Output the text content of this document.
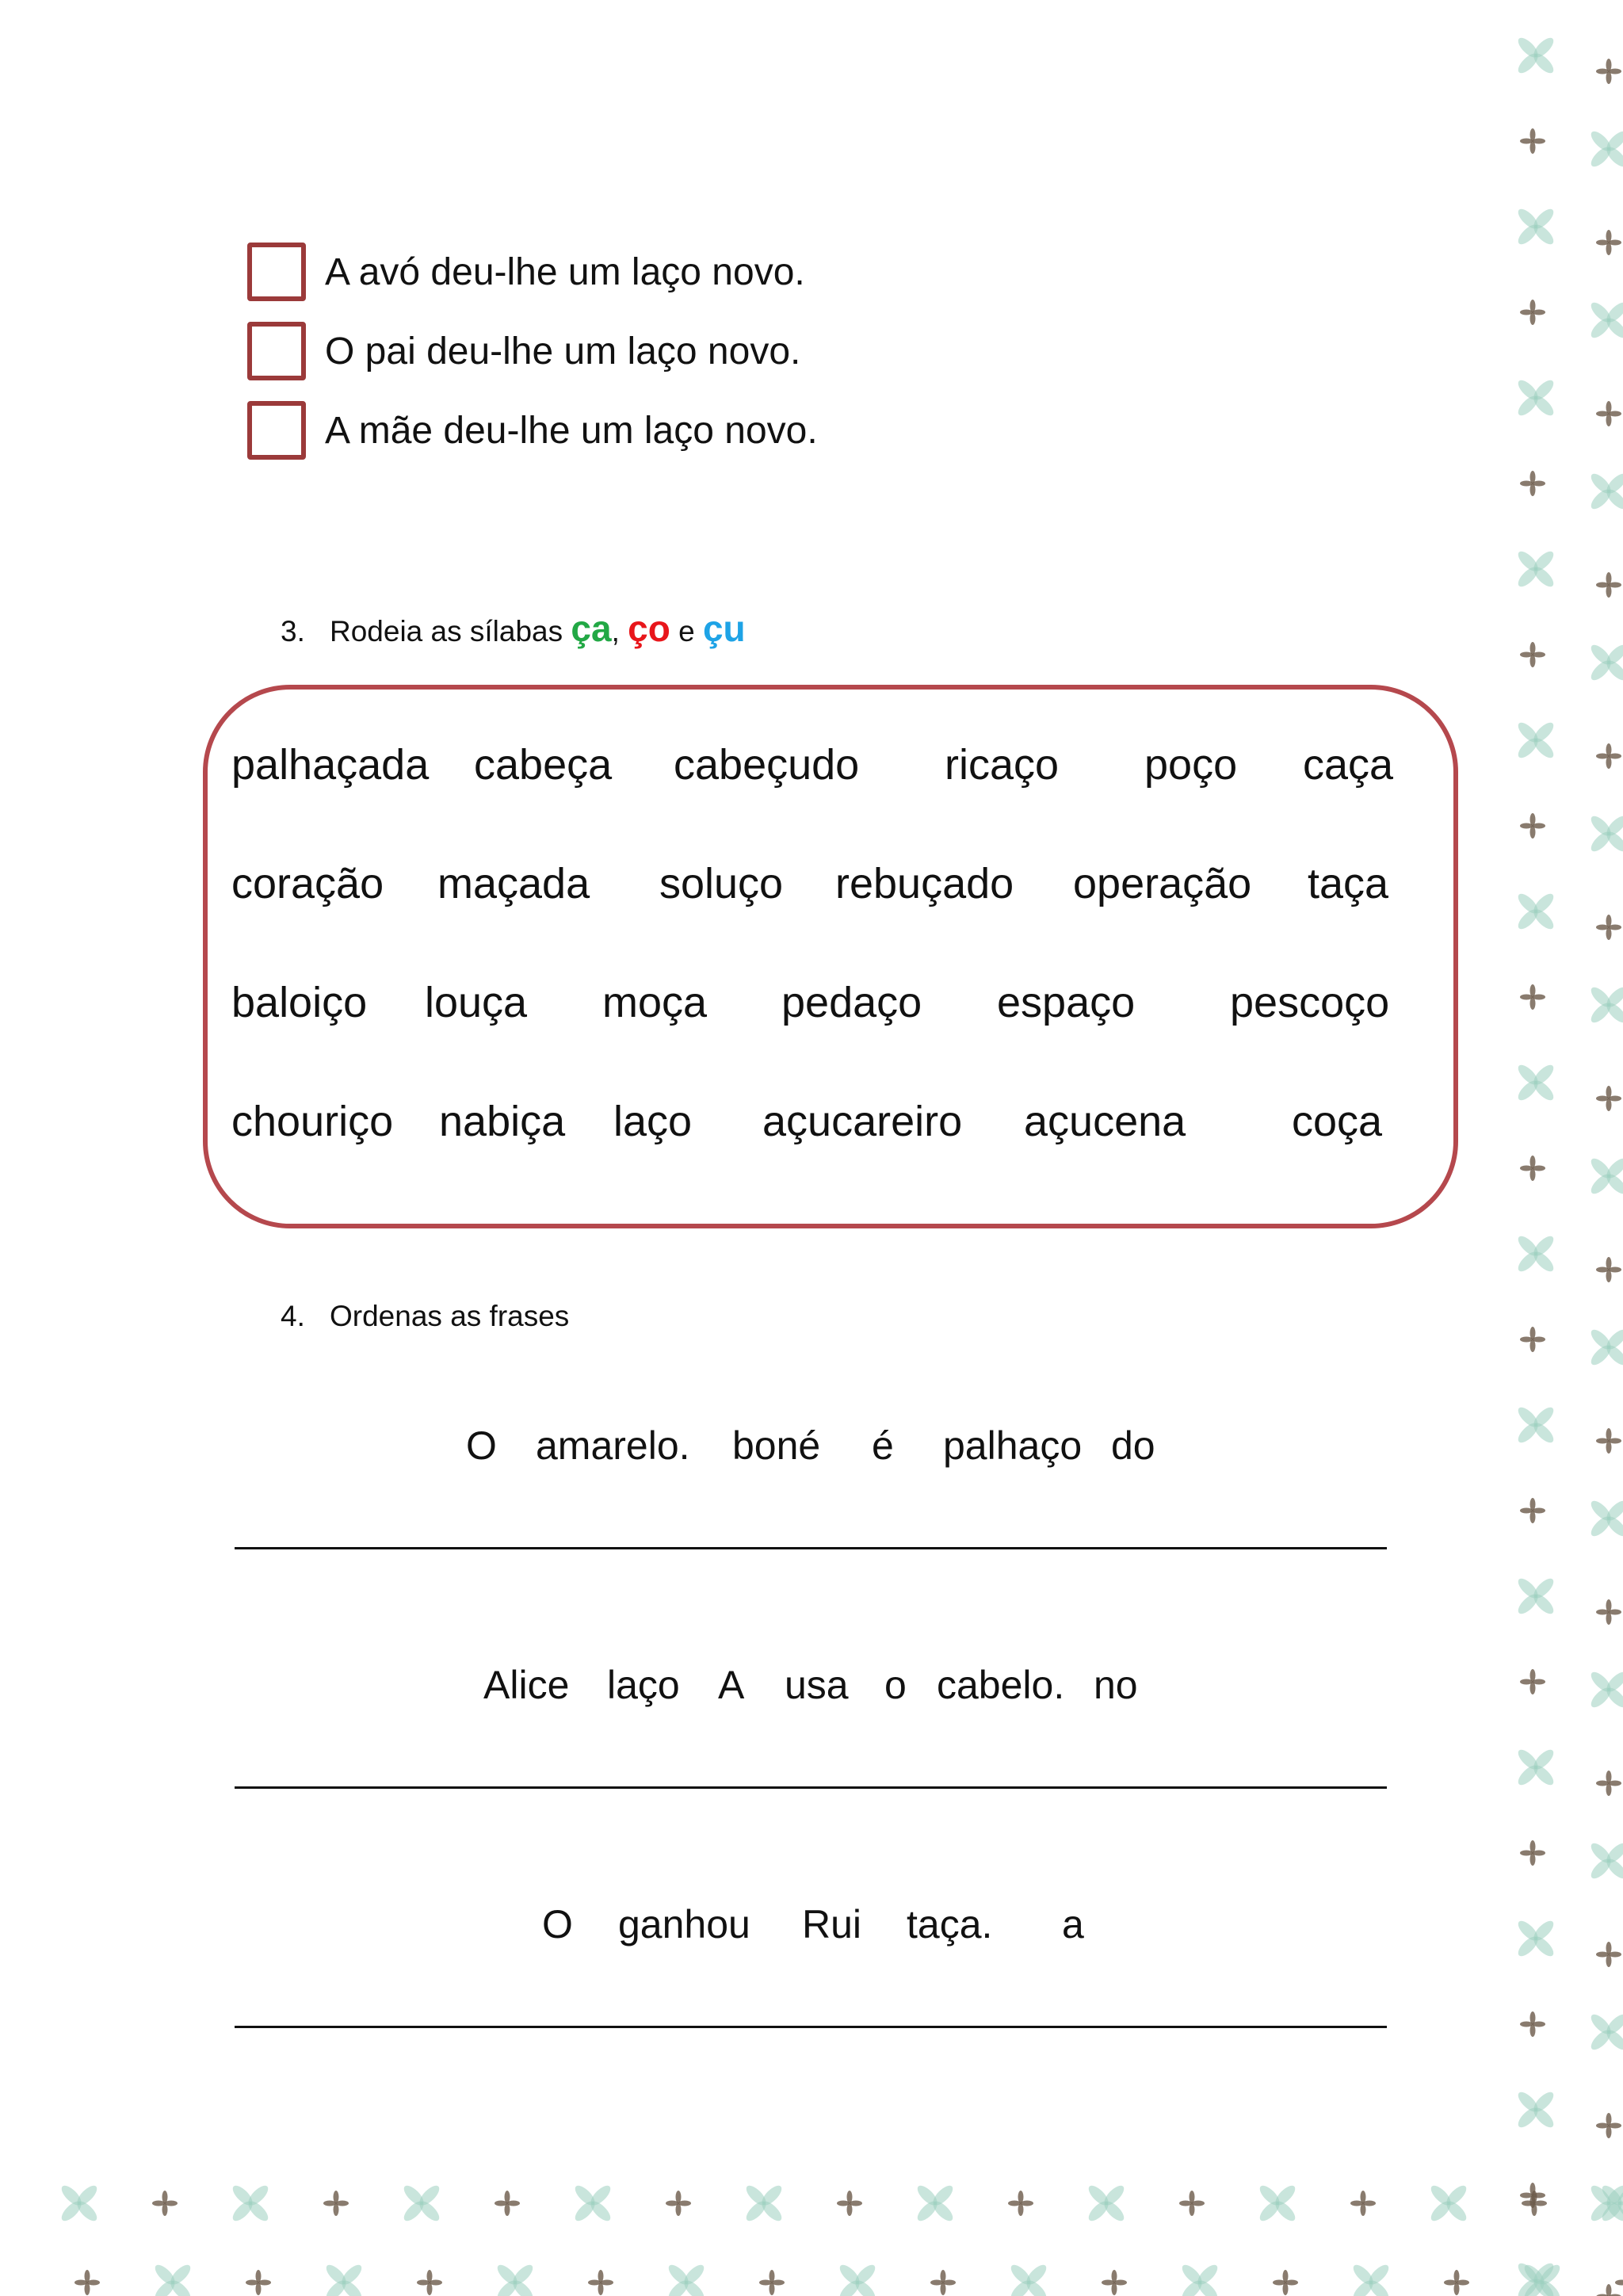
A avó deu-lhe um laço novo.
O pai deu-lhe um laço novo.
A mãe deu-lhe um laço novo.
3. Rodeia as sílabas
ça ,
ço
e
çu
palhaçada cabeça cabeçudo ricaço poço caça
coração maçada soluço rebuçado operação taça
baloiço louça moça pedaço espaço pescoço
chouriço nabiça laço açucareiro açucena coça
4. Ordenas as frases
O amarelo. boné é palhaço do
Alice laço A usa o cabelo. no
O ganhou Rui taça. a
